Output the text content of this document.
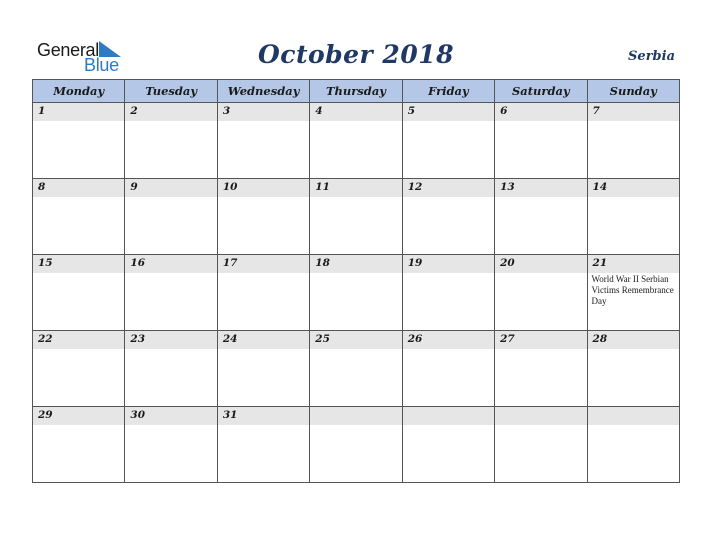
General
Blue	October 2018	Serbia
Monday	Tuesday	Wednesday	Thursday	Friday	Saturday	Sunday

1	2	3	4	5	6	7

8	9	10	11	12	13	14

15	16	17	18	19	20	21
World War II Serbian Victims Remembrance Day

22	23	24	25	26	27	28

29	30	31				
